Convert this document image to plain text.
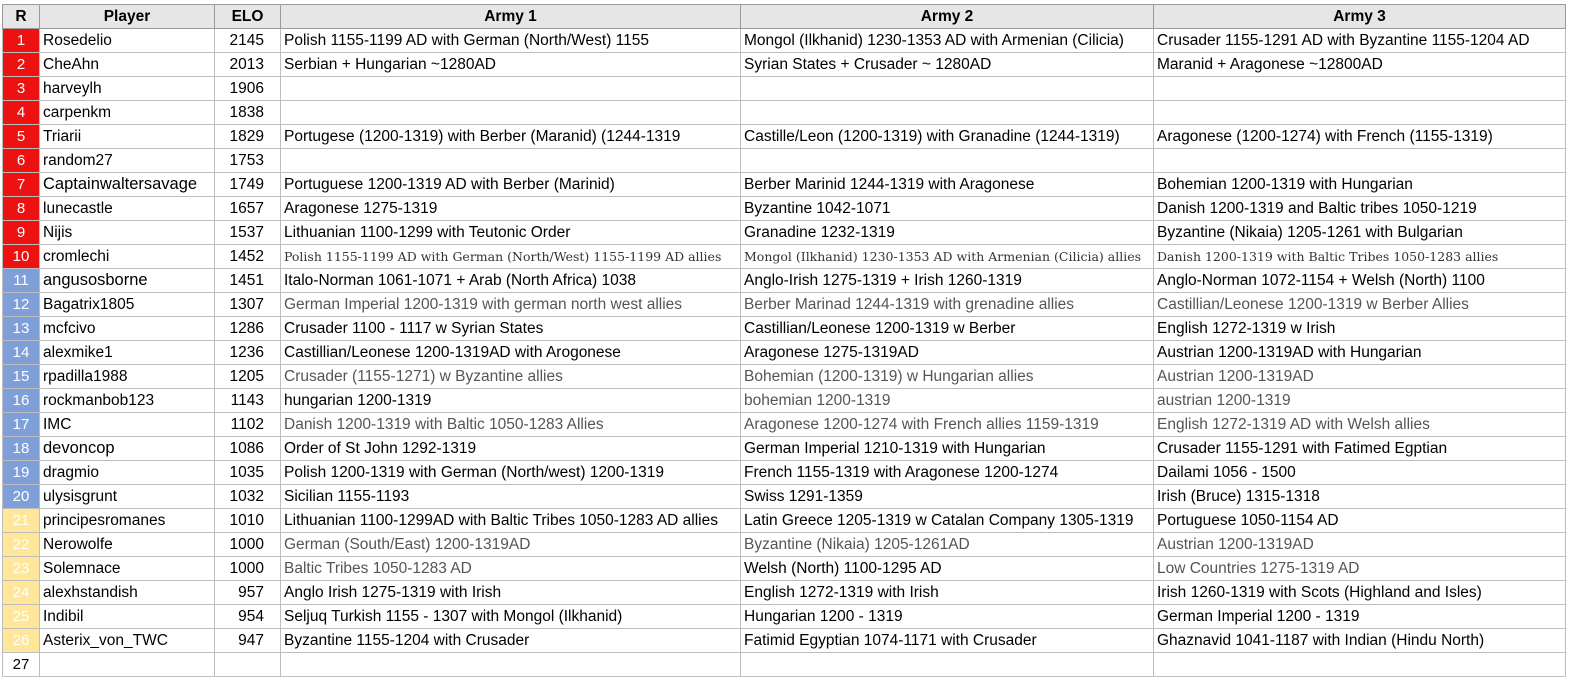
R	Player	ELO	Army 1	Army 2	Army 3
1	Rosedelio	2145	Polish 1155-1199 AD with German (North/West) 1155	Mongol (Ilkhanid) 1230-1353 AD with Armenian (Cilicia)	Crusader 1155-1291 AD with Byzantine 1155-1204 AD
2	CheAhn	2013	Serbian + Hungarian ~1280AD	Syrian States + Crusader ~ 1280AD	Maranid + Aragonese ~12800AD
3	harveylh	1906			
4	carpenkm	1838			
5	Triarii	1829	Portugese (1200-1319) with Berber (Maranid) (1244-1319	Castille/Leon (1200-1319) with Granadine (1244-1319)	Aragonese (1200-1274) with French (1155-1319)
6	random27	1753			
7	Captainwaltersavage	1749	Portuguese 1200-1319 AD with Berber (Marinid)	Berber Marinid 1244-1319 with Aragonese	Bohemian 1200-1319 with Hungarian
8	lunecastle	1657	Aragonese 1275-1319	Byzantine 1042-1071	Danish 1200-1319 and Baltic tribes 1050-1219
9	Nijis	1537	Lithuanian 1100-1299 with Teutonic Order	Granadine 1232-1319	Byzantine (Nikaia) 1205-1261 with Bulgarian
10	cromlechi	1452	Polish 1155-1199 AD with German (North/West) 1155-1199 AD allies	Mongol (Ilkhanid) 1230-1353 AD with Armenian (Cilicia) allies	Danish 1200-1319 with Baltic Tribes 1050-1283 allies
11	angusosborne	1451	Italo-Norman 1061-1071 + Arab (North Africa) 1038	Anglo-Irish 1275-1319 + Irish 1260-1319	Anglo-Norman 1072-1154 + Welsh (North) 1100
12	Bagatrix1805	1307	German Imperial 1200-1319 with german north west allies	Berber Marinad 1244-1319 with grenadine allies	Castillian/Leonese 1200-1319 w Berber Allies
13	mcfcivo	1286	Crusader 1100 - 1117 w Syrian States	Castillian/Leonese 1200-1319 w Berber	English 1272-1319 w Irish
14	alexmike1	1236	Castillian/Leonese 1200-1319AD with Arogonese	Aragonese 1275-1319AD	Austrian 1200-1319AD with Hungarian
15	rpadilla1988	1205	Crusader (1155-1271) w Byzantine allies	Bohemian (1200-1319) w Hungarian allies	Austrian 1200-1319AD
16	rockmanbob123	1143	hungarian 1200-1319	bohemian 1200-1319	austrian 1200-1319
17	IMC	1102	Danish 1200-1319 with Baltic 1050-1283 Allies	Aragonese 1200-1274 with French allies 1159-1319	English 1272-1319 AD with Welsh allies
18	devoncop	1086	Order of St John 1292-1319	German Imperial 1210-1319 with Hungarian	Crusader 1155-1291 with Fatimed Egptian
19	dragmio	1035	Polish 1200-1319 with German (North/west) 1200-1319	French 1155-1319 with Aragonese 1200-1274	Dailami 1056 - 1500
20	ulysisgrunt	1032	Sicilian 1155-1193	Swiss 1291-1359	Irish (Bruce) 1315-1318
21	principesromanes	1010	Lithuanian 1100-1299AD with Baltic Tribes 1050-1283 AD allies	Latin Greece 1205-1319 w Catalan Company 1305-1319	Portuguese 1050-1154 AD
22	Nerowolfe	1000	German (South/East) 1200-1319AD	Byzantine (Nikaia) 1205-1261AD	Austrian 1200-1319AD
23	Solemnace	1000	Baltic Tribes 1050-1283 AD	Welsh (North) 1100-1295 AD	Low Countries 1275-1319 AD
24	alexhstandish	957	Anglo Irish 1275-1319 with Irish	English 1272-1319 with Irish	Irish 1260-1319 with Scots (Highland and Isles)
25	Indibil	954	Seljuq Turkish 1155 - 1307 with Mongol (Ilkhanid)	Hungarian 1200 - 1319	German Imperial 1200 - 1319
26	Asterix_von_TWC	947	Byzantine 1155-1204 with Crusader	Fatimid Egyptian 1074-1171 with Crusader	Ghaznavid 1041-1187 with Indian (Hindu North)
27					
